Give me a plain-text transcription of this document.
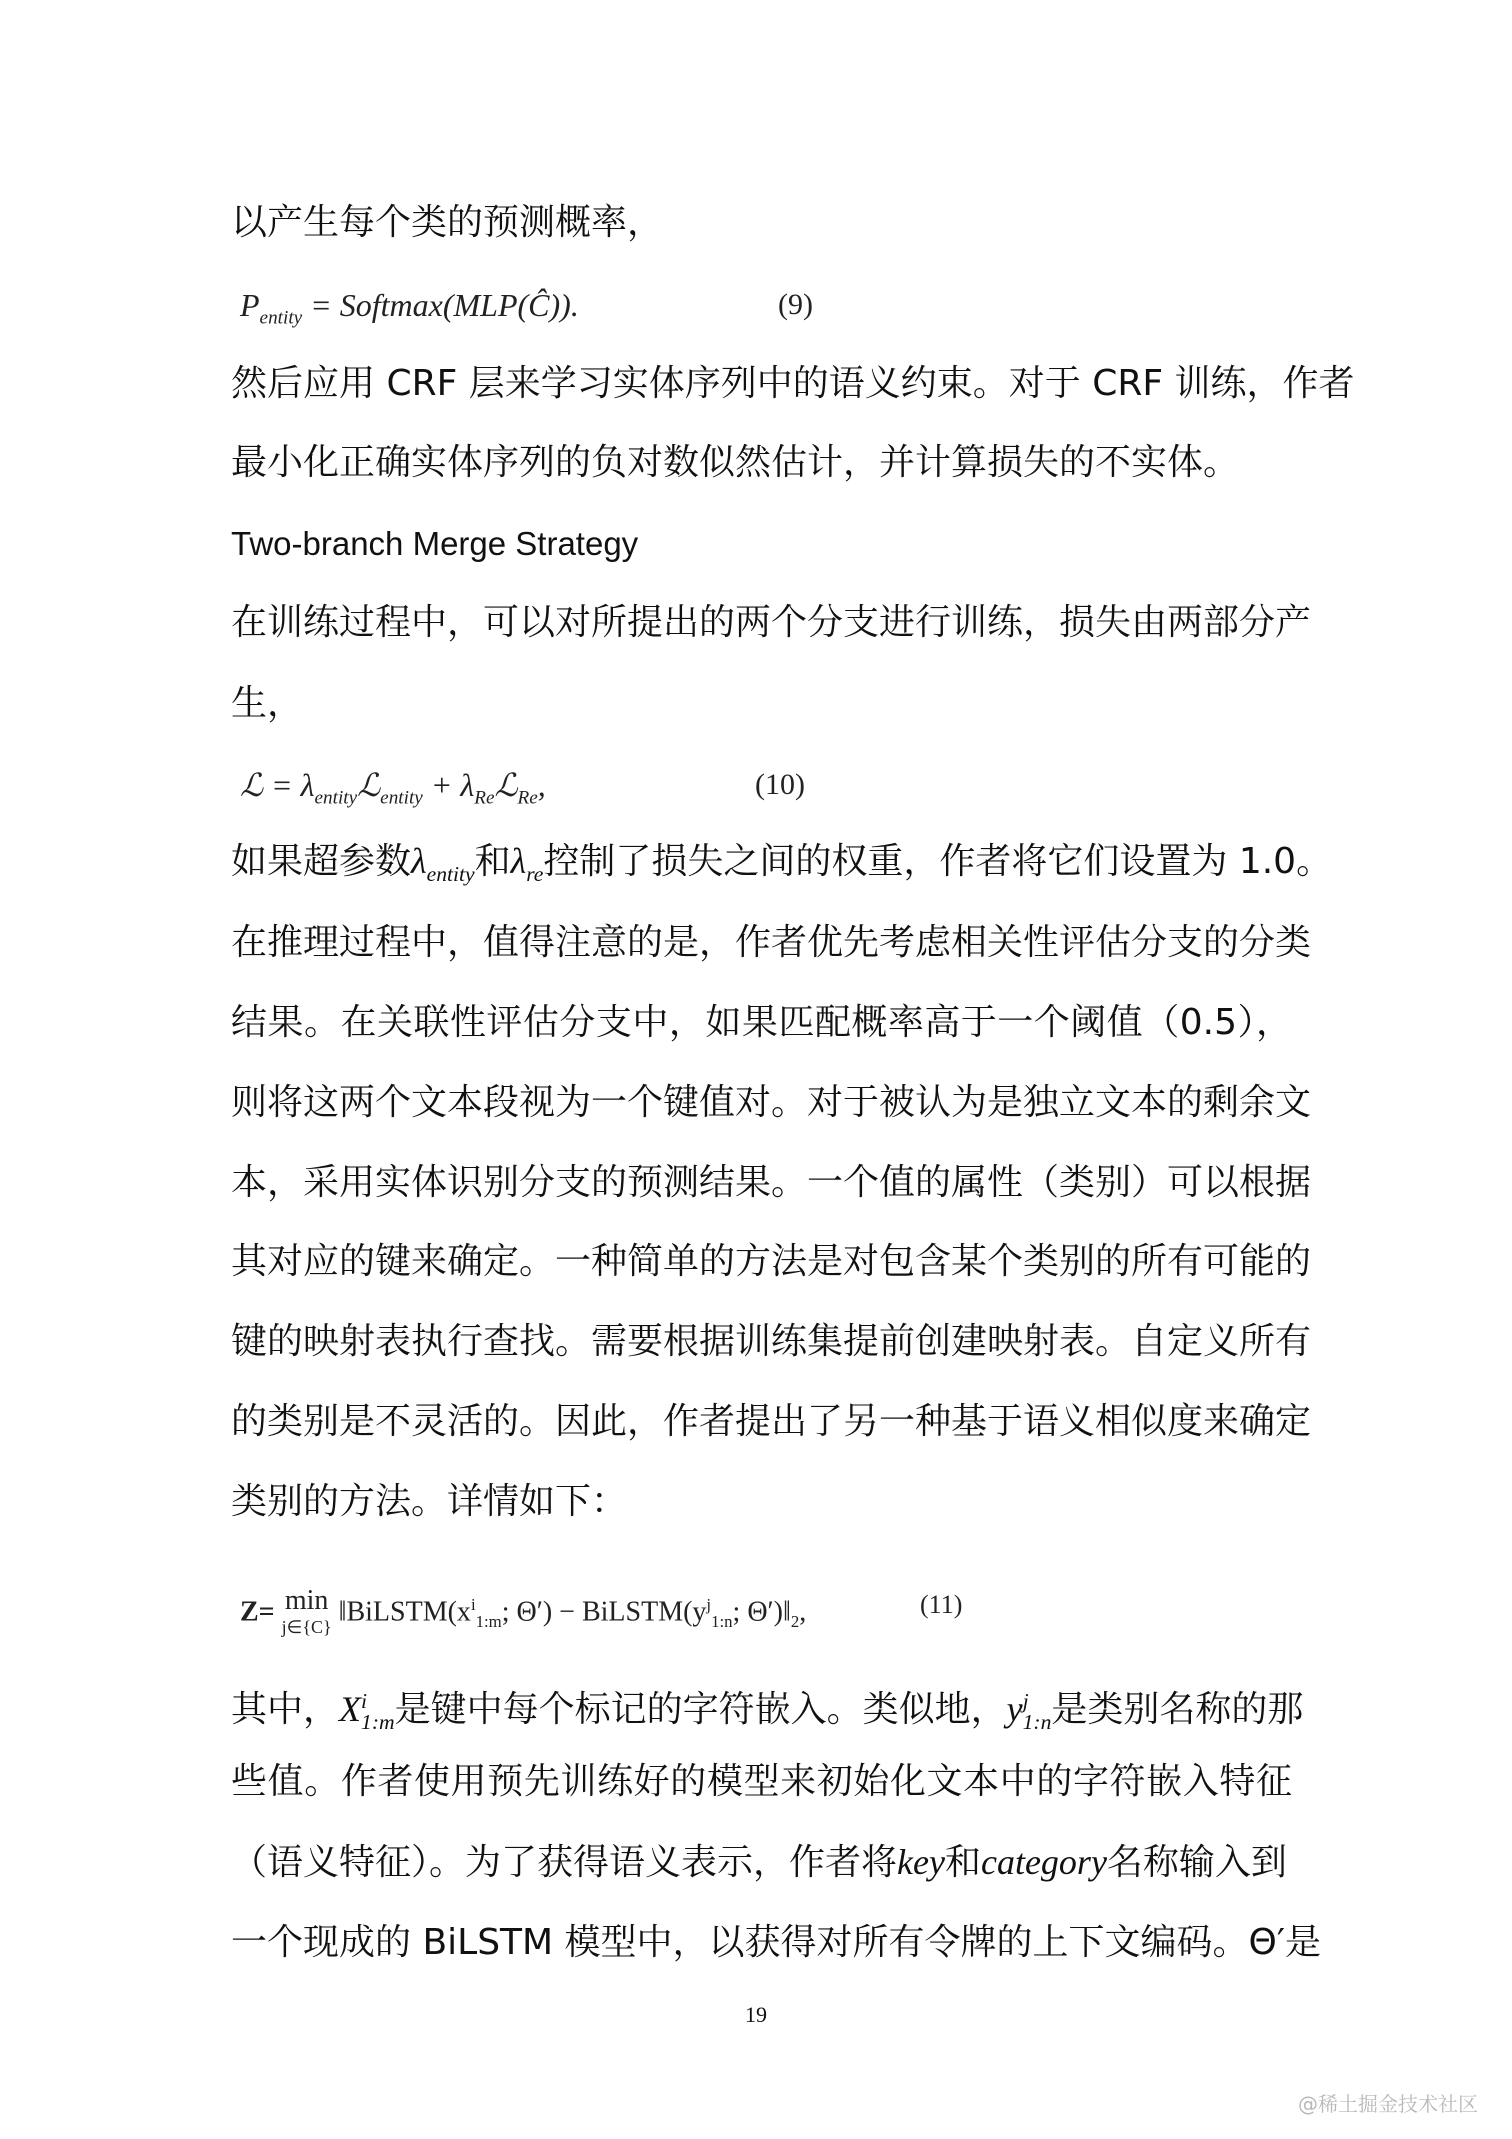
以产生每个类的预测概率，
$P_{entity}$ = Softmax(MLP(Ĉ)).	(9)
然后应用 CRF 层来学习实体序列中的语义约束。对于 CRF 训练，作者
最小化正确实体序列的负对数似然估计，并计算损失的不实体。
Two-branch Merge Strategy
在训练过程中，可以对所提出的两个分支进行训练，损失由两部分产
生，
ℒ = $\lambda_{entity}ℒ_{entity}$ + $\lambda_{Re}ℒ_{Re}$,	(10)
如果超参数$\lambda_{entity}$和$\lambda_{re}$控制了损失之间的权重，作者将它们设置为 1.0。
在推理过程中，值得注意的是，作者优先考虑相关性评估分支的分类
结果。在关联性评估分支中，如果匹配概率高于一个阈值（0.5），
则将这两个文本段视为一个键值对。对于被认为是独立文本的剩余文
本，采用实体识别分支的预测结果。一个值的属性（类别）可以根据
其对应的键来确定。一种简单的方法是对包含某个类别的所有可能的
键的映射表执行查找。需要根据训练集提前创建映射表。自定义所有
的类别是不灵活的。因此，作者提出了另一种基于语义相似度来确定
类别的方法。详情如下：
Z= min
j∈{C} $‖BiLSTM(x^i_{1:m}$; $\Theta') - BiLSTM(y^j_{1:n}$; $\Theta')‖_2$,	(11)
其中，$X^i_{1:m}$是键中每个标记的字符嵌入。类似地，$y^j_{1:n}$是类别名称的那
些值。作者使用预先训练好的模型来初始化文本中的字符嵌入特征
（语义特征）。为了获得语义表示，作者将key和category名称输入到
一个现成的 BiLSTM 模型中，以获得对所有令牌的上下文编码。Θ′是
19
@稀土掘金技术社区
